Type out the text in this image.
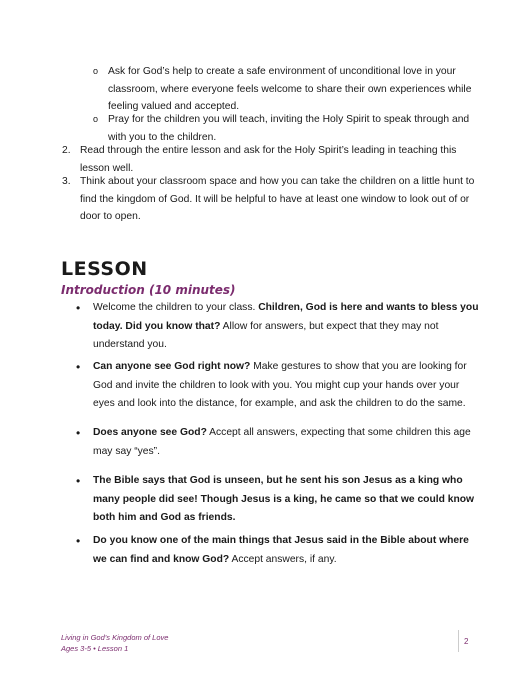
o Ask for God’s help to create a safe environment of unconditional love in your classroom, where everyone feels welcome to share their own experiences while feeling valued and accepted.
o Pray for the children you will teach, inviting the Holy Spirit to speak through and with you to the children.
2. Read through the entire lesson and ask for the Holy Spirit’s leading in teaching this lesson well.
3. Think about your classroom space and how you can take the children on a little hunt to find the kingdom of God. It will be helpful to have at least one window to look out of or door to open.
LESSON
Introduction (10 minutes)
• Welcome the children to your class. Children, God is here and wants to bless you today. Did you know that? Allow for answers, but expect that they may not understand you.
• Can anyone see God right now? Make gestures to show that you are looking for God and invite the children to look with you. You might cup your hands over your eyes and look into the distance, for example, and ask the children to do the same.
• Does anyone see God? Accept all answers, expecting that some children this age may say “yes”.
• The Bible says that God is unseen, but he sent his son Jesus as a king who many people did see! Though Jesus is a king, he came so that we could know both him and God as friends.
• Do you know one of the main things that Jesus said in the Bible about where we can find and know God? Accept answers, if any.
Living in God’s Kingdom of Love
Ages 3-5 • Lesson 1
2
